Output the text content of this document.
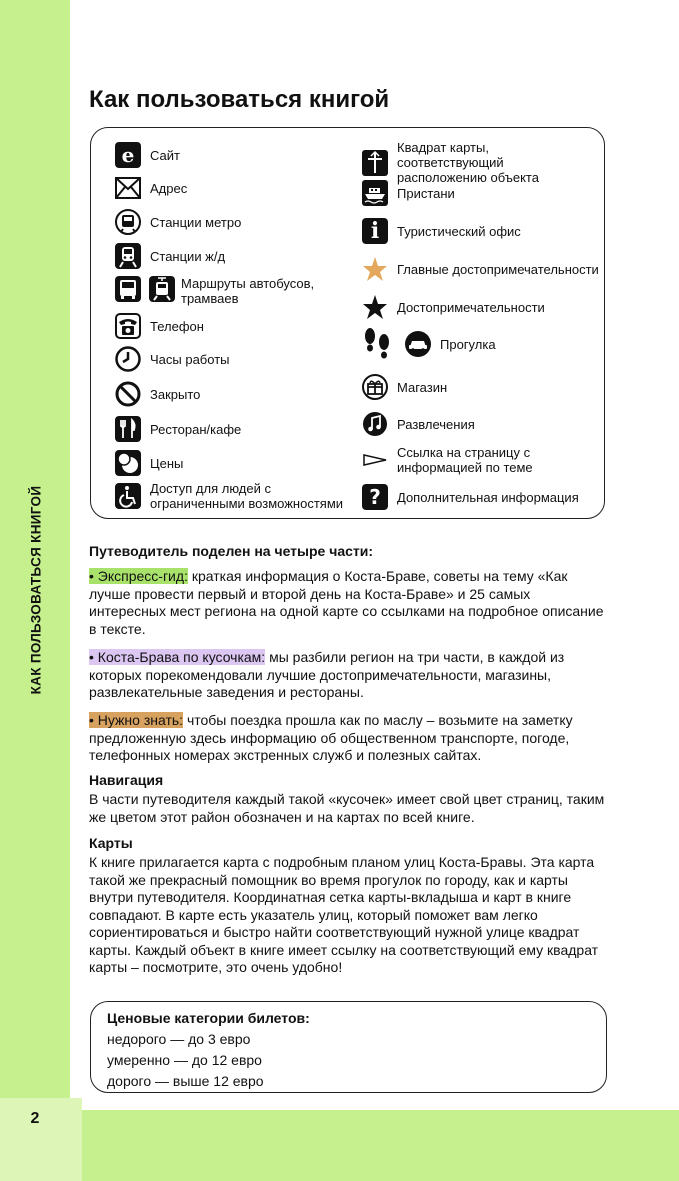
КАК ПОЛЬЗОВАТЬСЯ КНИГОЙ
2
Как пользоваться книгой
e	Сайт
Адрес
Станции метро
Станции ж/д
Маршруты автобусов, трамваев
Телефон
Часы работы
Закрыто
Ресторан/кафе
Цены
Доступ для людей с ограниченными возможностями
Квадрат карты, соответствующий расположению объекта
Пристани
i	Туристический офис
Главные достопримечательности
Достопримечательности
Прогулка
Магазин
Развлечения
Ссылка на страницу с информацией по теме
?	Дополнительная информация
Путеводитель поделен на четыре части:
• Экспресс-гид: краткая информация о Коста-Браве, советы на тему «Как лучше провести первый и второй день на Коста-Браве» и 25 самых интересных мест региона на одной карте со ссылками на подробное описание в тексте.
• Коста-Брава по кусочкам: мы разбили регион на три части, в каждой из которых порекомендовали лучшие достопримечательности, магазины, развлекательные заведения и рестораны.
• Нужно знать: чтобы поездка прошла как по маслу – возьмите на заметку предложенную здесь информацию об общественном транспорте, погоде, телефонных номерах экстренных служб и полезных сайтах.
Навигация
В части путеводителя каждый такой «кусочек» имеет свой цвет страниц, таким же цветом этот район обозначен и на картах по всей книге.
Карты
К книге прилагается карта с подробным планом улиц Коста-Бравы. Эта карта такой же прекрасный помощник во время прогулок по городу, как и карты внутри путеводителя. Координатная сетка карты-вкладыша и карт в книге совпадают. В карте есть указатель улиц, который поможет вам легко сориентироваться и быстро найти соответствующий нужной улице квадрат карты. Каждый объект в книге имеет ссылку на соответствующий ему квадрат карты – посмотрите, это очень удобно!
Ценовые категории билетов:
недорого — до 3 евро
умеренно — до 12 евро
дорого — выше 12 евро
